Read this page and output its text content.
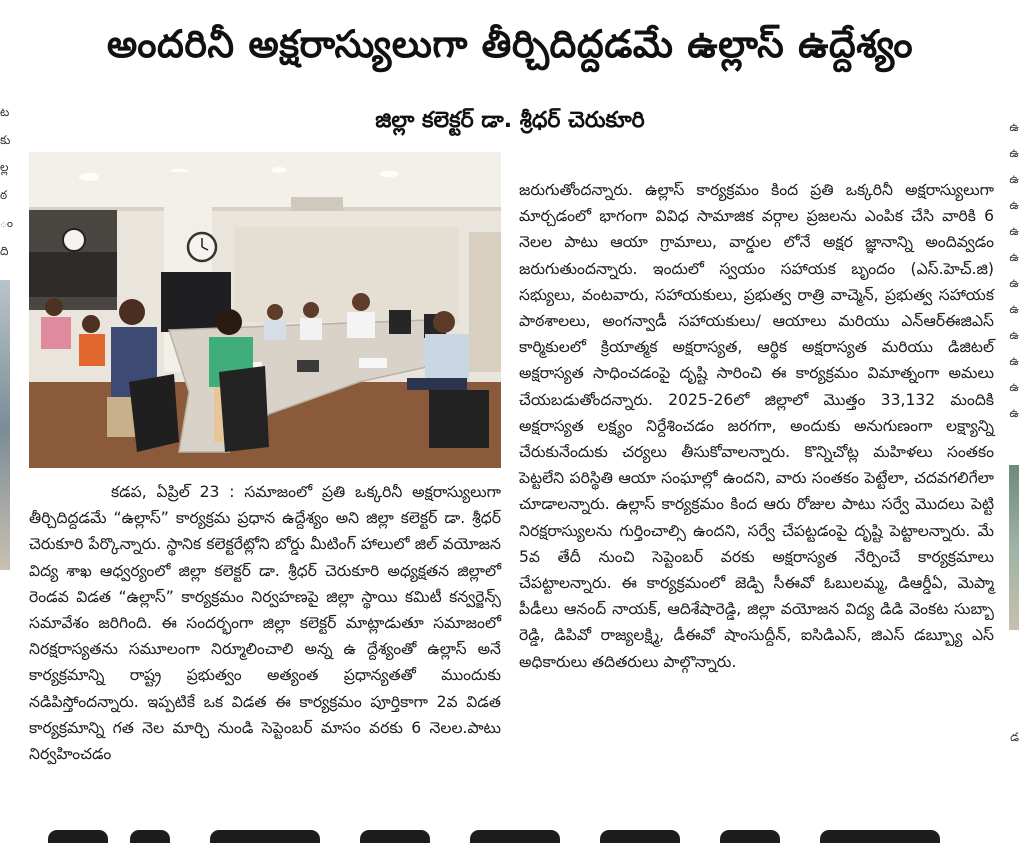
ట
కు
ల్ల
ఠ
ం
ది
ఉ
ఉ
ఉ
ఉ
ఉ
ఉ
ఉ
ఉ
ఉ
ఉ
ఉ
ఉ
డ
అందరినీ అక్షరాస్యులుగా తీర్చిదిద్దడమే ఉల్లాస్ ఉద్దేశ్యం
జిల్లా కలెక్టర్ డా. శ్రీధర్ చెరుకూరి

కడప, ఏప్రిల్ 23 : సమాజంలో ప్రతి ఒక్కరినీ అక్షరాస్యులుగా తీర్చిదిద్దడమే “ఉల్లాస్” కార్యక్రమ ప్రధాన ఉద్దేశ్యం అని జిల్లా కలెక్టర్ డా. శ్రీధర్ చెరుకూరి పేర్కొన్నారు. స్థానిక కలెక్టరేట్లోని బోర్డు మీటింగ్ హాలులో జిల్ వయోజన విద్య శాఖ ఆధ్వర్యంలో జిల్లా కలెక్టర్ డా. శ్రీధర్ చెరుకూరి అధ్యక్షతన జిల్లాలో రెండవ విడత “ఉల్లాస్” కార్యక్రమం నిర్వహణపై జిల్లా స్థాయి కమిటీ కన్వర్జెన్స్ సమావేశం జరిగింది. ఈ సందర్భంగా జిల్లా కలెక్టర్ మాట్లాడుతూ సమాజంలో నిరక్షరాస్యతను సమూలంగా నిర్మూలించాలి అన్న ఉ ద్దేశ్యంతో ఉల్లాస్ అనే కార్యక్రమాన్ని రాష్ట్ర ప్రభుత్వం అత్యంత ప్రధాన్యతతో ముందుకు నడిపిస్తోందన్నారు. ఇప్పటికే ఒక విడత ఈ కార్యక్రమం పూర్తికాగా 2వ విడత కార్యక్రమాన్ని గత నెల మార్చి నుండి సెప్టెంబర్ మాసం వరకు 6 నెలల.పాటు నిర్వహించడం

జరుగుతోందన్నారు. ఉల్లాస్ కార్యక్రమం కింద ప్రతి ఒక్కరినీ అక్షరాస్యులుగా మార్చడంలో భాగంగా వివిధ సామాజిక వర్గాల ప్రజలను ఎంపిక చేసి వారికి 6 నెలల పాటు ఆయా గ్రామాలు, వార్డుల లోనే అక్షర జ్ఞానాన్ని అందివ్వడం జరుగుతుందన్నారు. ఇందులో స్వయం సహాయక బృందం (ఎస్.హెచ్.జి) సభ్యులు, వంటవారు, సహాయకులు, ప్రభుత్వ రాత్రి వాచ్మెన్, ప్రభుత్వ సహాయక పాఠశాలలు, అంగన్వాడీ సహాయకులు/ ఆయాలు మరియు ఎన్ఆర్ఈజిఎస్ కార్మికులలో క్రియాత్మక అక్షరాస్యత, ఆర్థిక అక్షరాస్యత మరియు డిజిటల్ అక్షరాస్యత సాధించడంపై దృష్టి సారించి ఈ కార్యక్రమం విమాత్నంగా అమలు చేయబడుతోందన్నారు. 2025-26లో జిల్లాలో మొత్తం 33,132 మందికి అక్షరాస్యత లక్ష్యం నిర్దేశించడం జరగగా, అందుకు అనుగుణంగా లక్ష్యాన్ని చేరుకునేందుకు చర్యలు తీసుకోవాలన్నారు. కొన్నిచోట్ల మహిళలు సంతకం పెట్టలేని పరిస్థితి ఆయా సంఘాల్లో ఉందని, వారు సంతకం పెట్టేలా, చదవగలిగేలా చూడాలన్నారు. ఉల్లాస్ కార్యక్రమం కింద ఆరు రోజుల పాటు సర్వే మొదలు పెట్టి నిరక్షరాస్యులను గుర్తించాల్సి ఉందని, సర్వే చేపట్టడంపై దృష్టి పెట్టాలన్నారు. మే 5వ తేదీ నుంచి సెప్టెంబర్ వరకు అక్షరాస్యత నేర్పించే కార్యక్రమాలు చేపట్టాలన్నారు. ఈ కార్యక్రమంలో జెడ్పి సీఈవో ఓబులమ్మ, డిఆర్డీఏ, మెప్మా పీడీలు ఆనంద్ నాయక్, ఆదిశేషారెడ్డి, జిల్లా వయోజన విద్య డిడి వెంకట సుబ్బా రెడ్డి, డిపివో రాజ్యలక్ష్మి, డీఈవో షాంసుద్దీన్, ఐసిడిఎస్, జిఎస్ డబ్బ్యూ ఎస్ అధికారులు తదితరులు పాల్గొన్నారు.
